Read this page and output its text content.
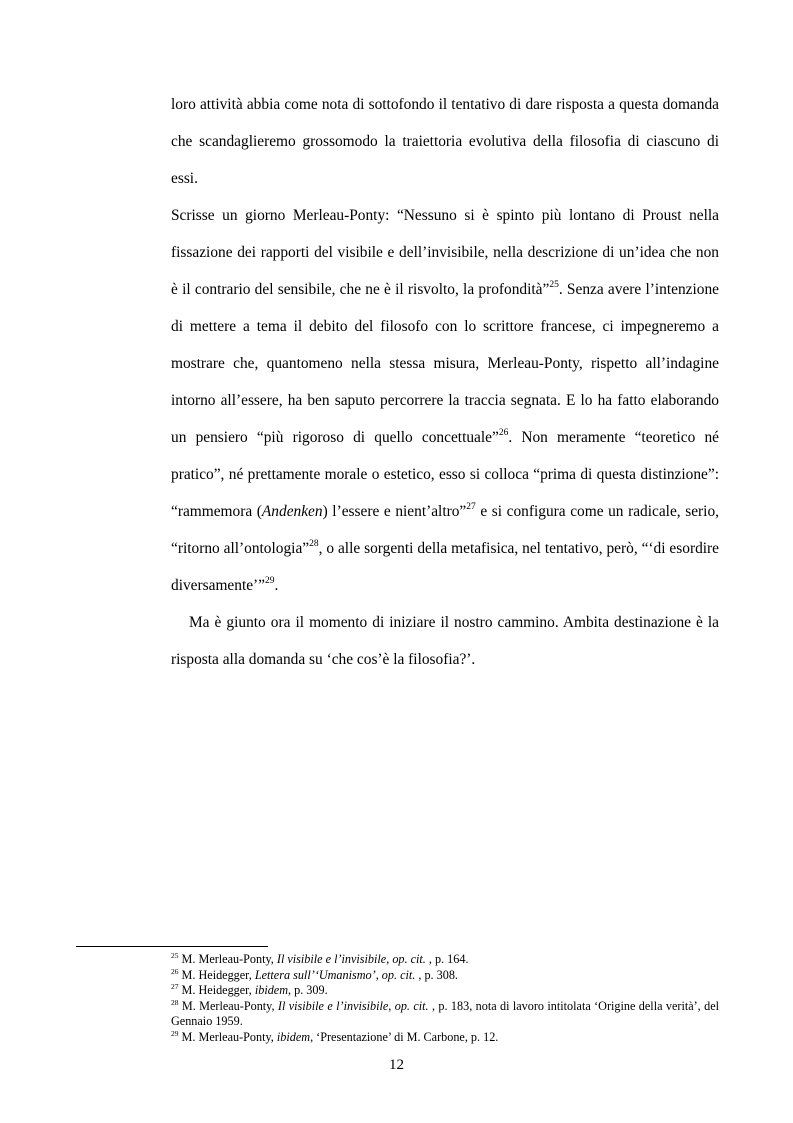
loro attività abbia come nota di sottofondo il tentativo di dare risposta a questa domanda che scandaglieremo grossomodo la traiettoria evolutiva della filosofia di ciascuno di essi.

Scrisse un giorno Merleau-Ponty: “Nessuno si è spinto più lontano di Proust nella fissazione dei rapporti del visibile e dell’invisibile, nella descrizione di un’idea che non è il contrario del sensibile, che ne è il risvolto, la profondità”$^{25}$. Senza avere l’intenzione di mettere a tema il debito del filosofo con lo scrittore francese, ci impegneremo a mostrare che, quantomeno nella stessa misura, Merleau-Ponty, rispetto all’indagine intorno all’essere, ha ben saputo percorrere la traccia segnata. E lo ha fatto elaborando un pensiero “più rigoroso di quello concettuale”$^{26}$. Non meramente “teoretico né pratico”, né prettamente morale o estetico, esso si colloca “prima di questa distinzione”: “rammemora (Andenken) l’essere e nient’altro”$^{27}$ e si configura come un radicale, serio, “ritorno all’ontologia”$^{28}$, o alle sorgenti della metafisica, nel tentativo, però, “‘di esordire diversamente’”$^{29}$.

Ma è giunto ora il momento di iniziare il nostro cammino. Ambita destinazione è la risposta alla domanda su ‘che cos’è la filosofia?’.

$^{25}$ M. Merleau-Ponty, Il visibile e l’invisibile, op. cit. , p. 164.

$^{26}$ M. Heidegger, Lettera sull’‘Umanismo’, op. cit. , p. 308.

$^{27}$ M. Heidegger, ibidem, p. 309.

$^{28}$ M. Merleau-Ponty, Il visibile e l’invisibile, op. cit. , p. 183, nota di lavoro intitolata ‘Origine della verità’, del Gennaio 1959.

$^{29}$ M. Merleau-Ponty, ibidem, ‘Presentazione’ di M. Carbone, p. 12.

12
